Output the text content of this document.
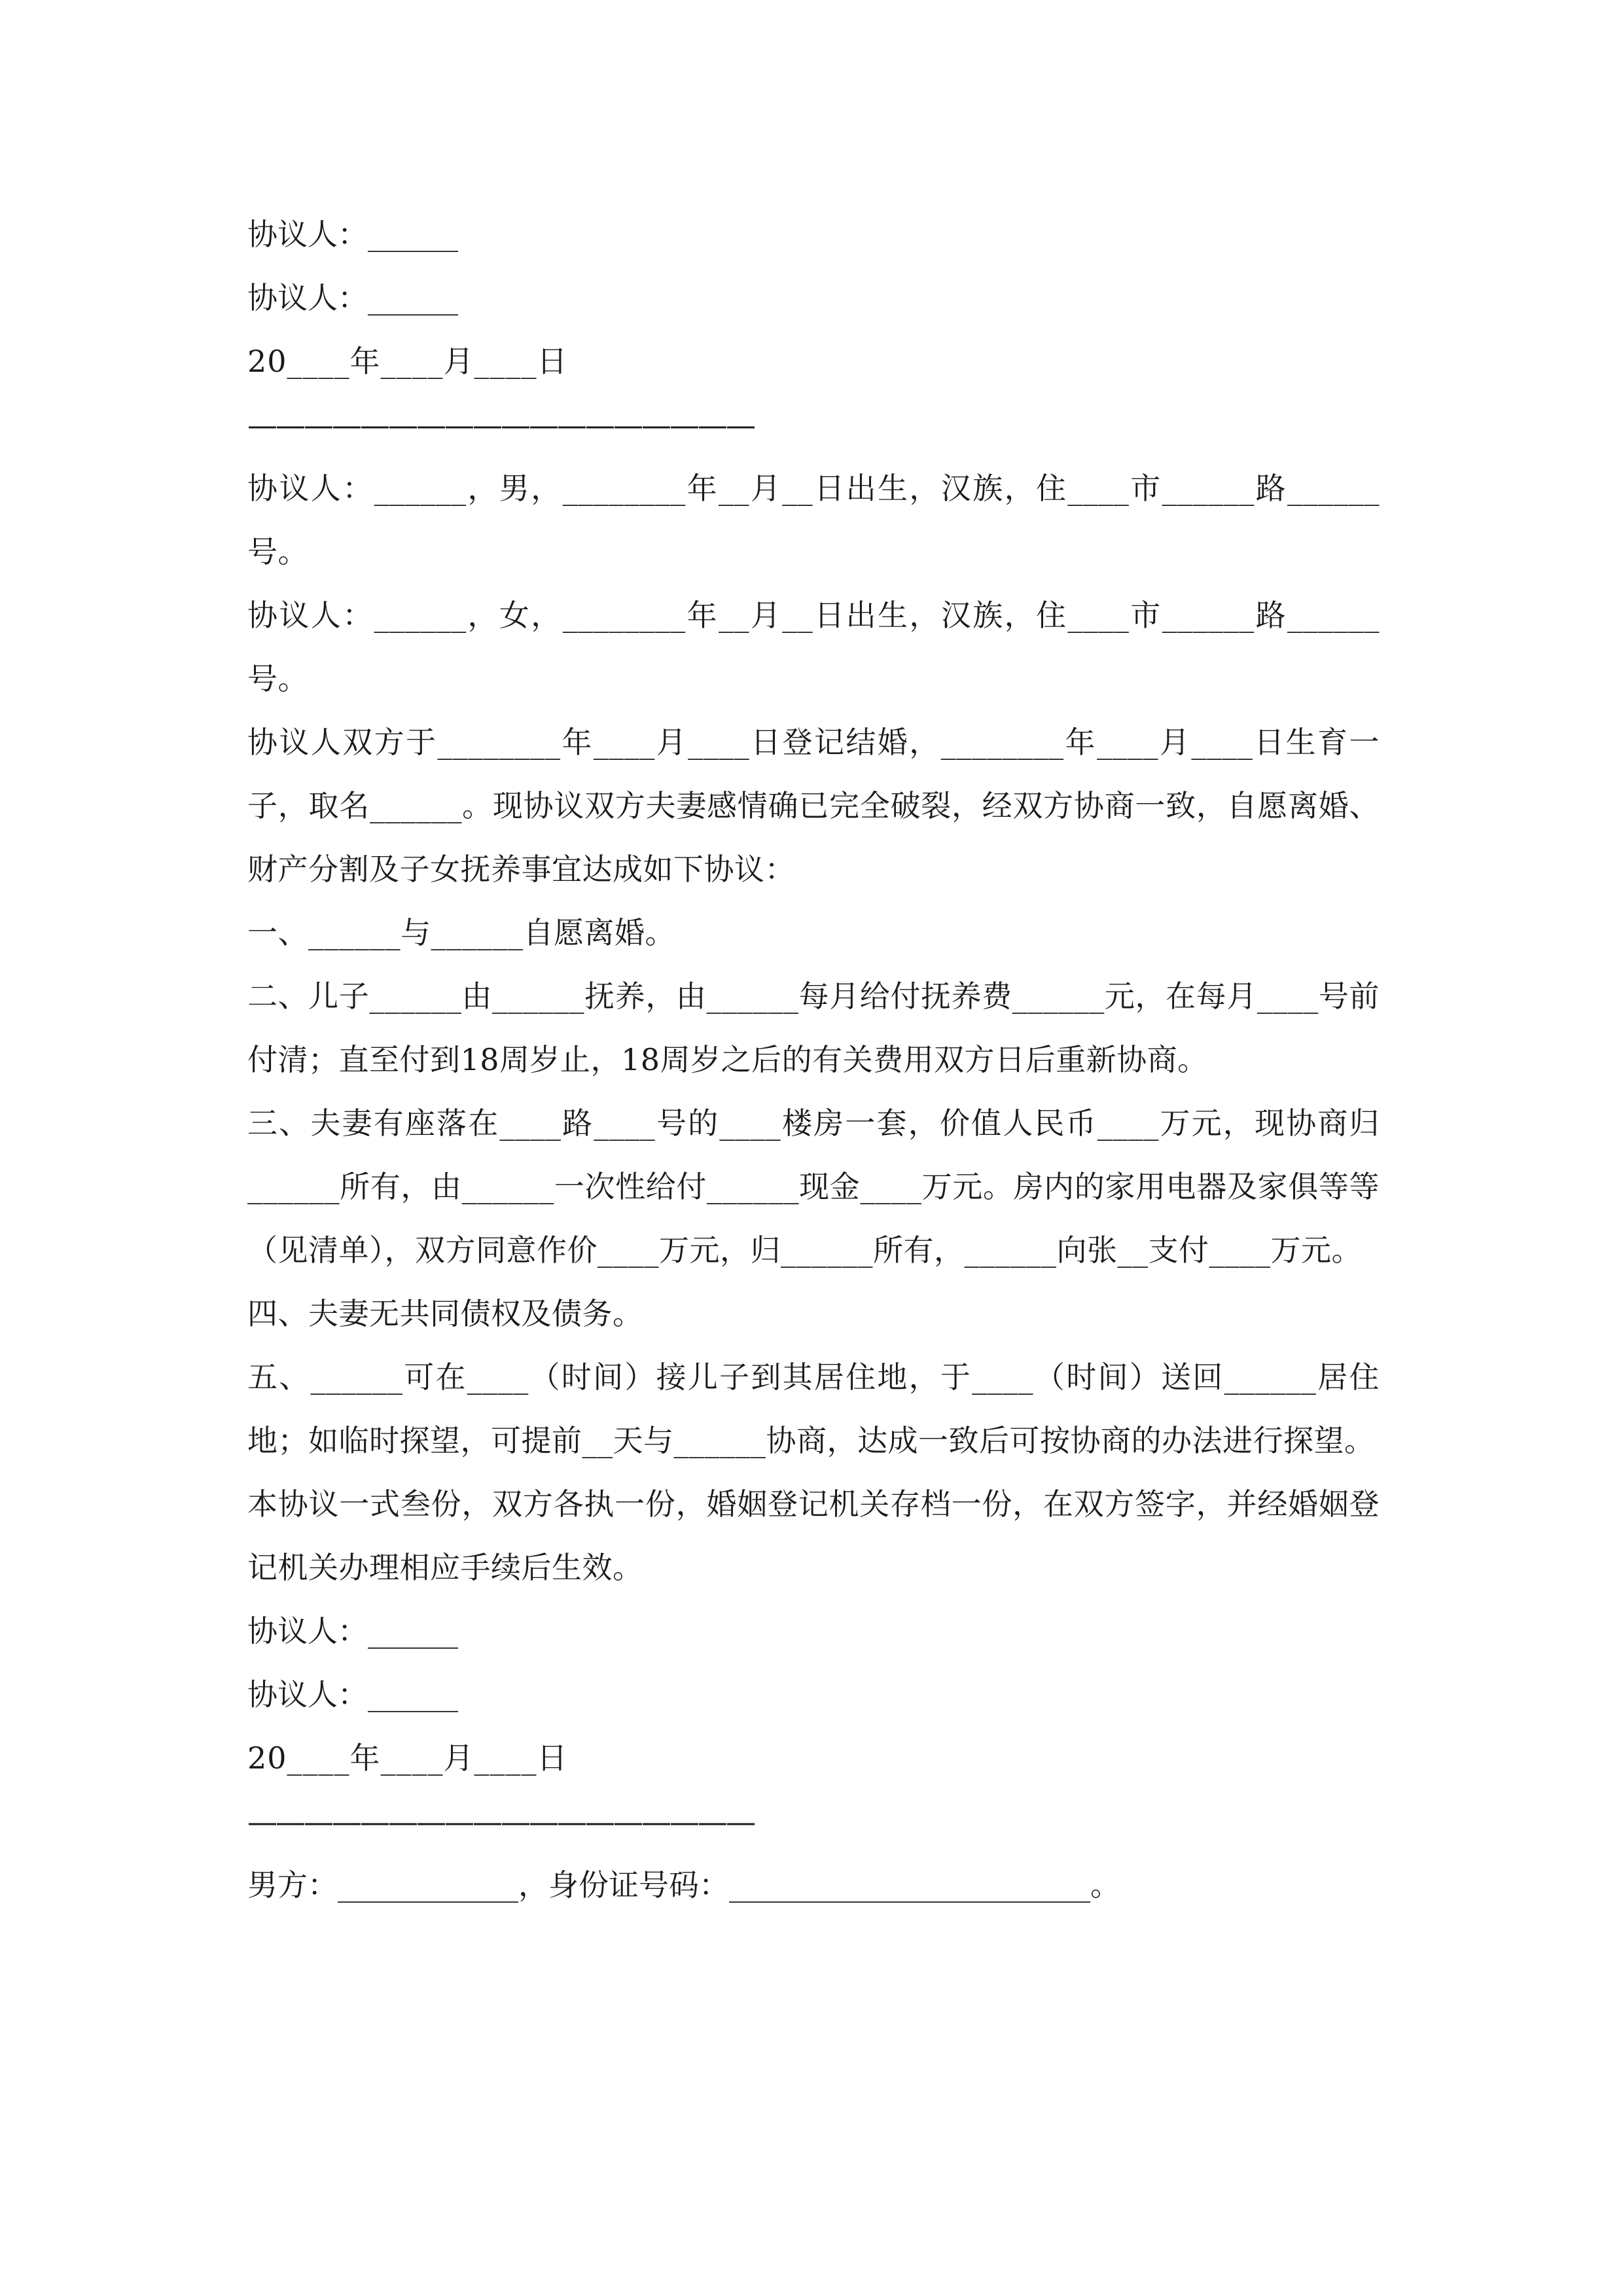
协议人：______

协议人：______

20____年____月____日

——————————————————

协议人：______，男，________年__月__日出生，汉族，住____市______路______号。

协议人：______，女，________年__月__日出生，汉族，住____市______路______号。

协议人双方于________年____月____日登记结婚，________年____月____日生育一子，取名______。现协议双方夫妻感情确已完全破裂，经双方协商一致，自愿离婚、财产分割及子女抚养事宜达成如下协议：

一、______与______自愿离婚。

二、儿子______由______抚养，由______每月给付抚养费______元，在每月____号前付清；直至付到18周岁止，18周岁之后的有关费用双方日后重新协商。

三、夫妻有座落在____路____号的____楼房一套，价值人民币____万元，现协商归______所有，由______一次性给付______现金____万元。房内的家用电器及家俱等等（见清单），双方同意作价____万元，归______所有，______向张__支付____万元。

四、夫妻无共同债权及债务。

五、______可在____（时间）接儿子到其居住地，于____（时间）送回______居住地；如临时探望，可提前__天与______协商，达成一致后可按协商的办法进行探望。

本协议一式叁份，双方各执一份，婚姻登记机关存档一份，在双方签字，并经婚姻登记机关办理相应手续后生效。

协议人：______

协议人：______

20____年____月____日

——————————————————

男方：____________，身份证号码：________________________。
